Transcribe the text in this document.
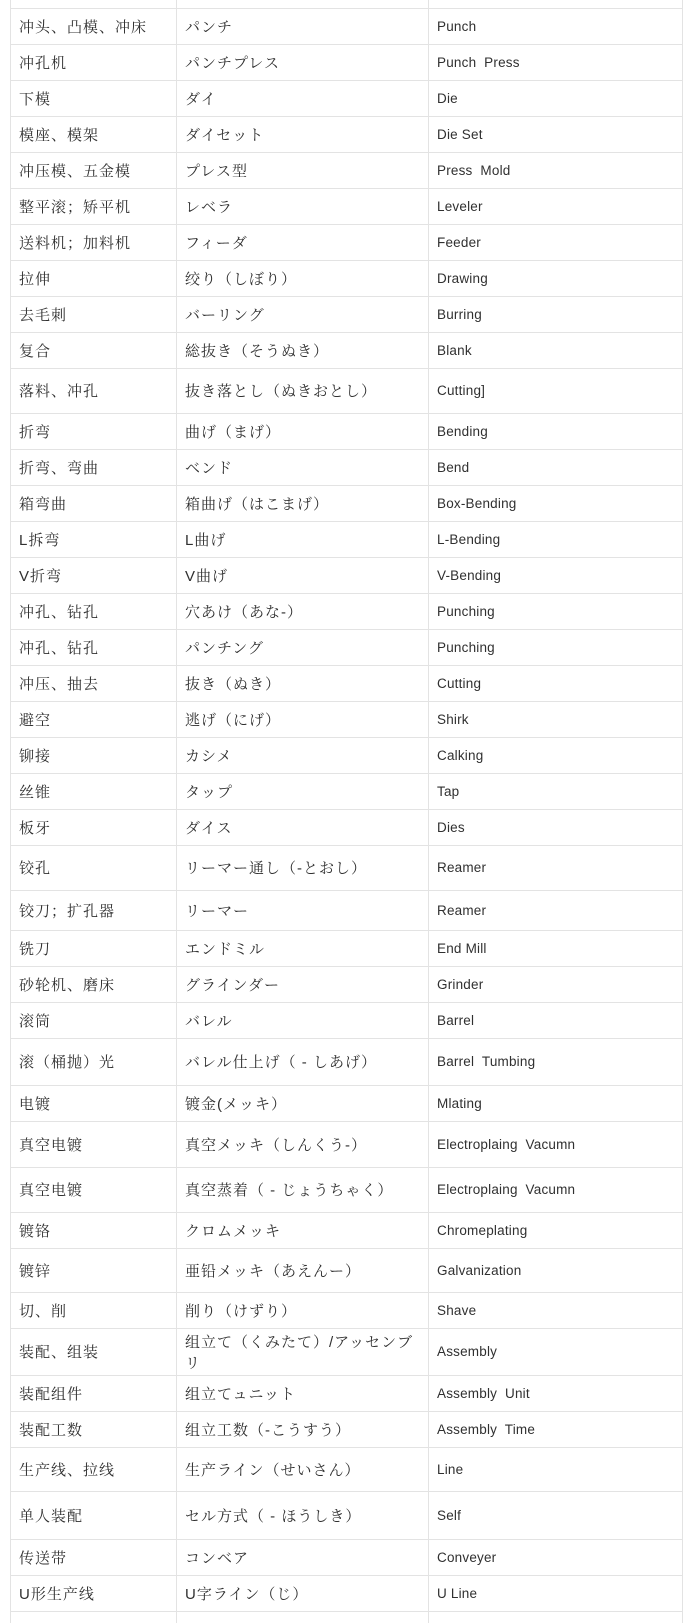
冲头、凸模、冲床	パンチ	Punch
冲孔机	パンチプレス	Punch  Press
下模	ダイ	Die
模座、模架	ダイセット	Die Set
冲压模、五金模	プレス型	Press  Mold
整平滚；矫平机	レベラ	Leveler
送料机；加料机	フィーダ	Feeder
拉伸	绞り（しぼり）	Drawing
去毛刺	バーリング	Burring
复合	総抜き（そうぬき）	Blank
落料、冲孔	抜き落とし（ぬきおとし）	Cutting]
折弯	曲げ（まげ）	Bending
折弯、弯曲	ベンド	Bend
箱弯曲	箱曲げ（はこまげ）	Box-Bending
L拆弯	L曲げ	L-Bending
V折弯	V曲げ	V-Bending
冲孔、钻孔	穴あけ（あな-）	Punching
冲孔、钻孔	パンチング	Punching
冲压、抽去	抜き（ぬき）	Cutting
避空	逃げ（にげ）	Shirk
铆接	カシメ	Calking
丝锥	タップ	Tap
板牙	ダイス	Dies
铰孔	リーマー通し（-とおし）	Reamer
铰刀；扩孔器	リーマー	Reamer
铣刀	エンドミル	End Mill
砂轮机、磨床	グラインダー	Grinder
滚筒	バレル	Barrel
滚（桶抛）光	バレル仕上げ（ - しあげ）	Barrel  Tumbing
电镀	镀金(メッキ）	Mlating
真空电镀	真空メッキ（しんくう-）	Electroplaing  Vacumn
真空电镀	真空蒸着（ - じょうちゃく）	Electroplaing  Vacumn
镀铬	クロムメッキ	Chromeplating
镀锌	亜铅メッキ（あえんー）	Galvanization
切、削	削り（けずり）	Shave
装配、组装	组立て（くみたて）/アッセンブリ	Assembly
装配组件	组立てュニット	Assembly  Unit
装配工数	组立工数（-こうすう）	Assembly  Time
生产线、拉线	生产ライン（せいさん）	Line
单人装配	セル方式（ - ほうしき）	Self
传送带	コンベア	Conveyer
U形生产线	U字ライン（じ）	U Line
